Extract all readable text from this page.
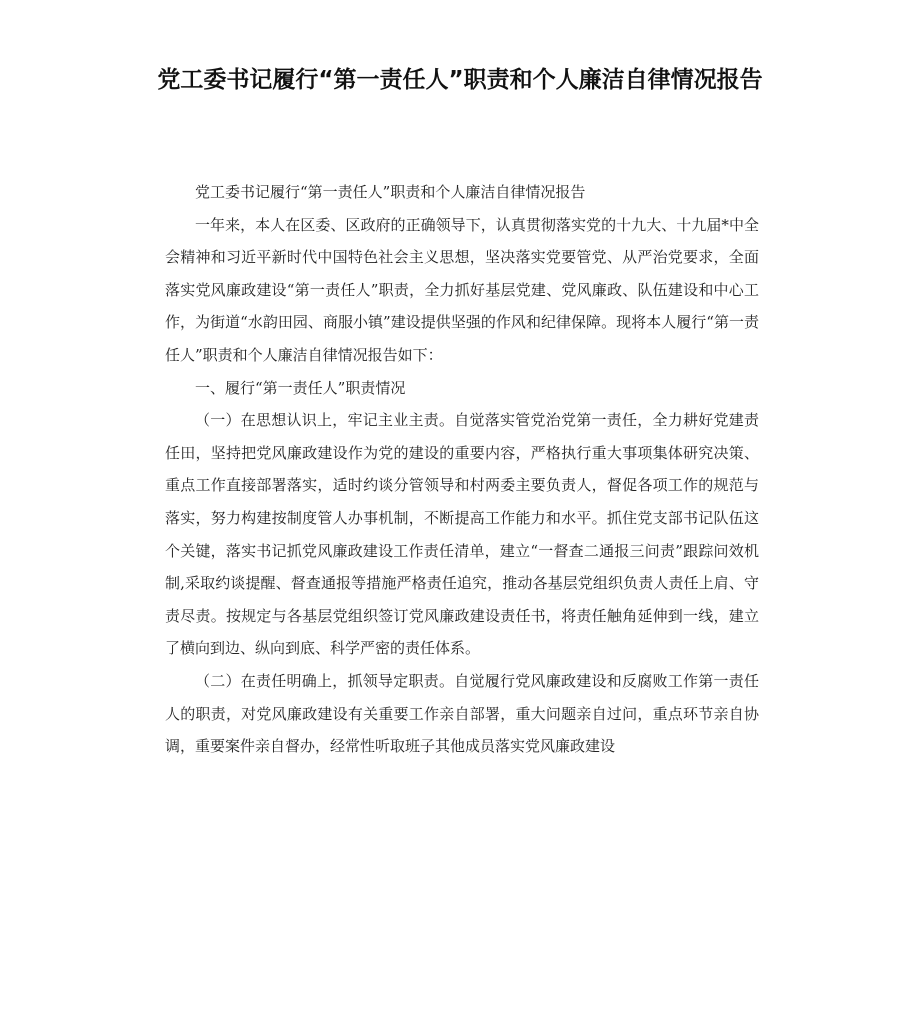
党工委书记履行“第一责任人”职责和个人廉洁自律情况报告

党工委书记履行“第一责任人”职责和个人廉洁自律情况报告

一年来，本人在区委、区政府的正确领导下，认真贯彻落实党的十九大、十九届*中全会精神和习近平新时代中国特色社会主义思想，坚决落实党要管党、从严治党要求，全面落实党风廉政建设“第一责任人”职责，全力抓好基层党建、党风廉政、队伍建设和中心工作，为街道“水韵田园、商服小镇”建设提供坚强的作风和纪律保障。现将本人履行“第一责任人”职责和个人廉洁自律情况报告如下：

一、履行“第一责任人”职责情况

（一）在思想认识上，牢记主业主责。自觉落实管党治党第一责任，全力耕好党建责任田，坚持把党风廉政建设作为党的建设的重要内容，严格执行重大事项集体研究决策、重点工作直接部署落实，适时约谈分管领导和村两委主要负责人，督促各项工作的规范与落实，努力构建按制度管人办事机制，不断提高工作能力和水平。抓住党支部书记队伍这个关键，落实书记抓党风廉政建设工作责任清单，建立“一督查二通报三问责”跟踪问效机制,采取约谈提醒、督查通报等措施严格责任追究，推动各基层党组织负责人责任上肩、守责尽责。按规定与各基层党组织签订党风廉政建设责任书，将责任触角延伸到一线，建立了横向到边、纵向到底、科学严密的责任体系。

（二）在责任明确上，抓领导定职责。自觉履行党风廉政建设和反腐败工作第一责任人的职责，对党风廉政建设有关重要工作亲自部署，重大问题亲自过问，重点环节亲自协调，重要案件亲自督办，经常性听取班子其他成员落实党风廉政建设
